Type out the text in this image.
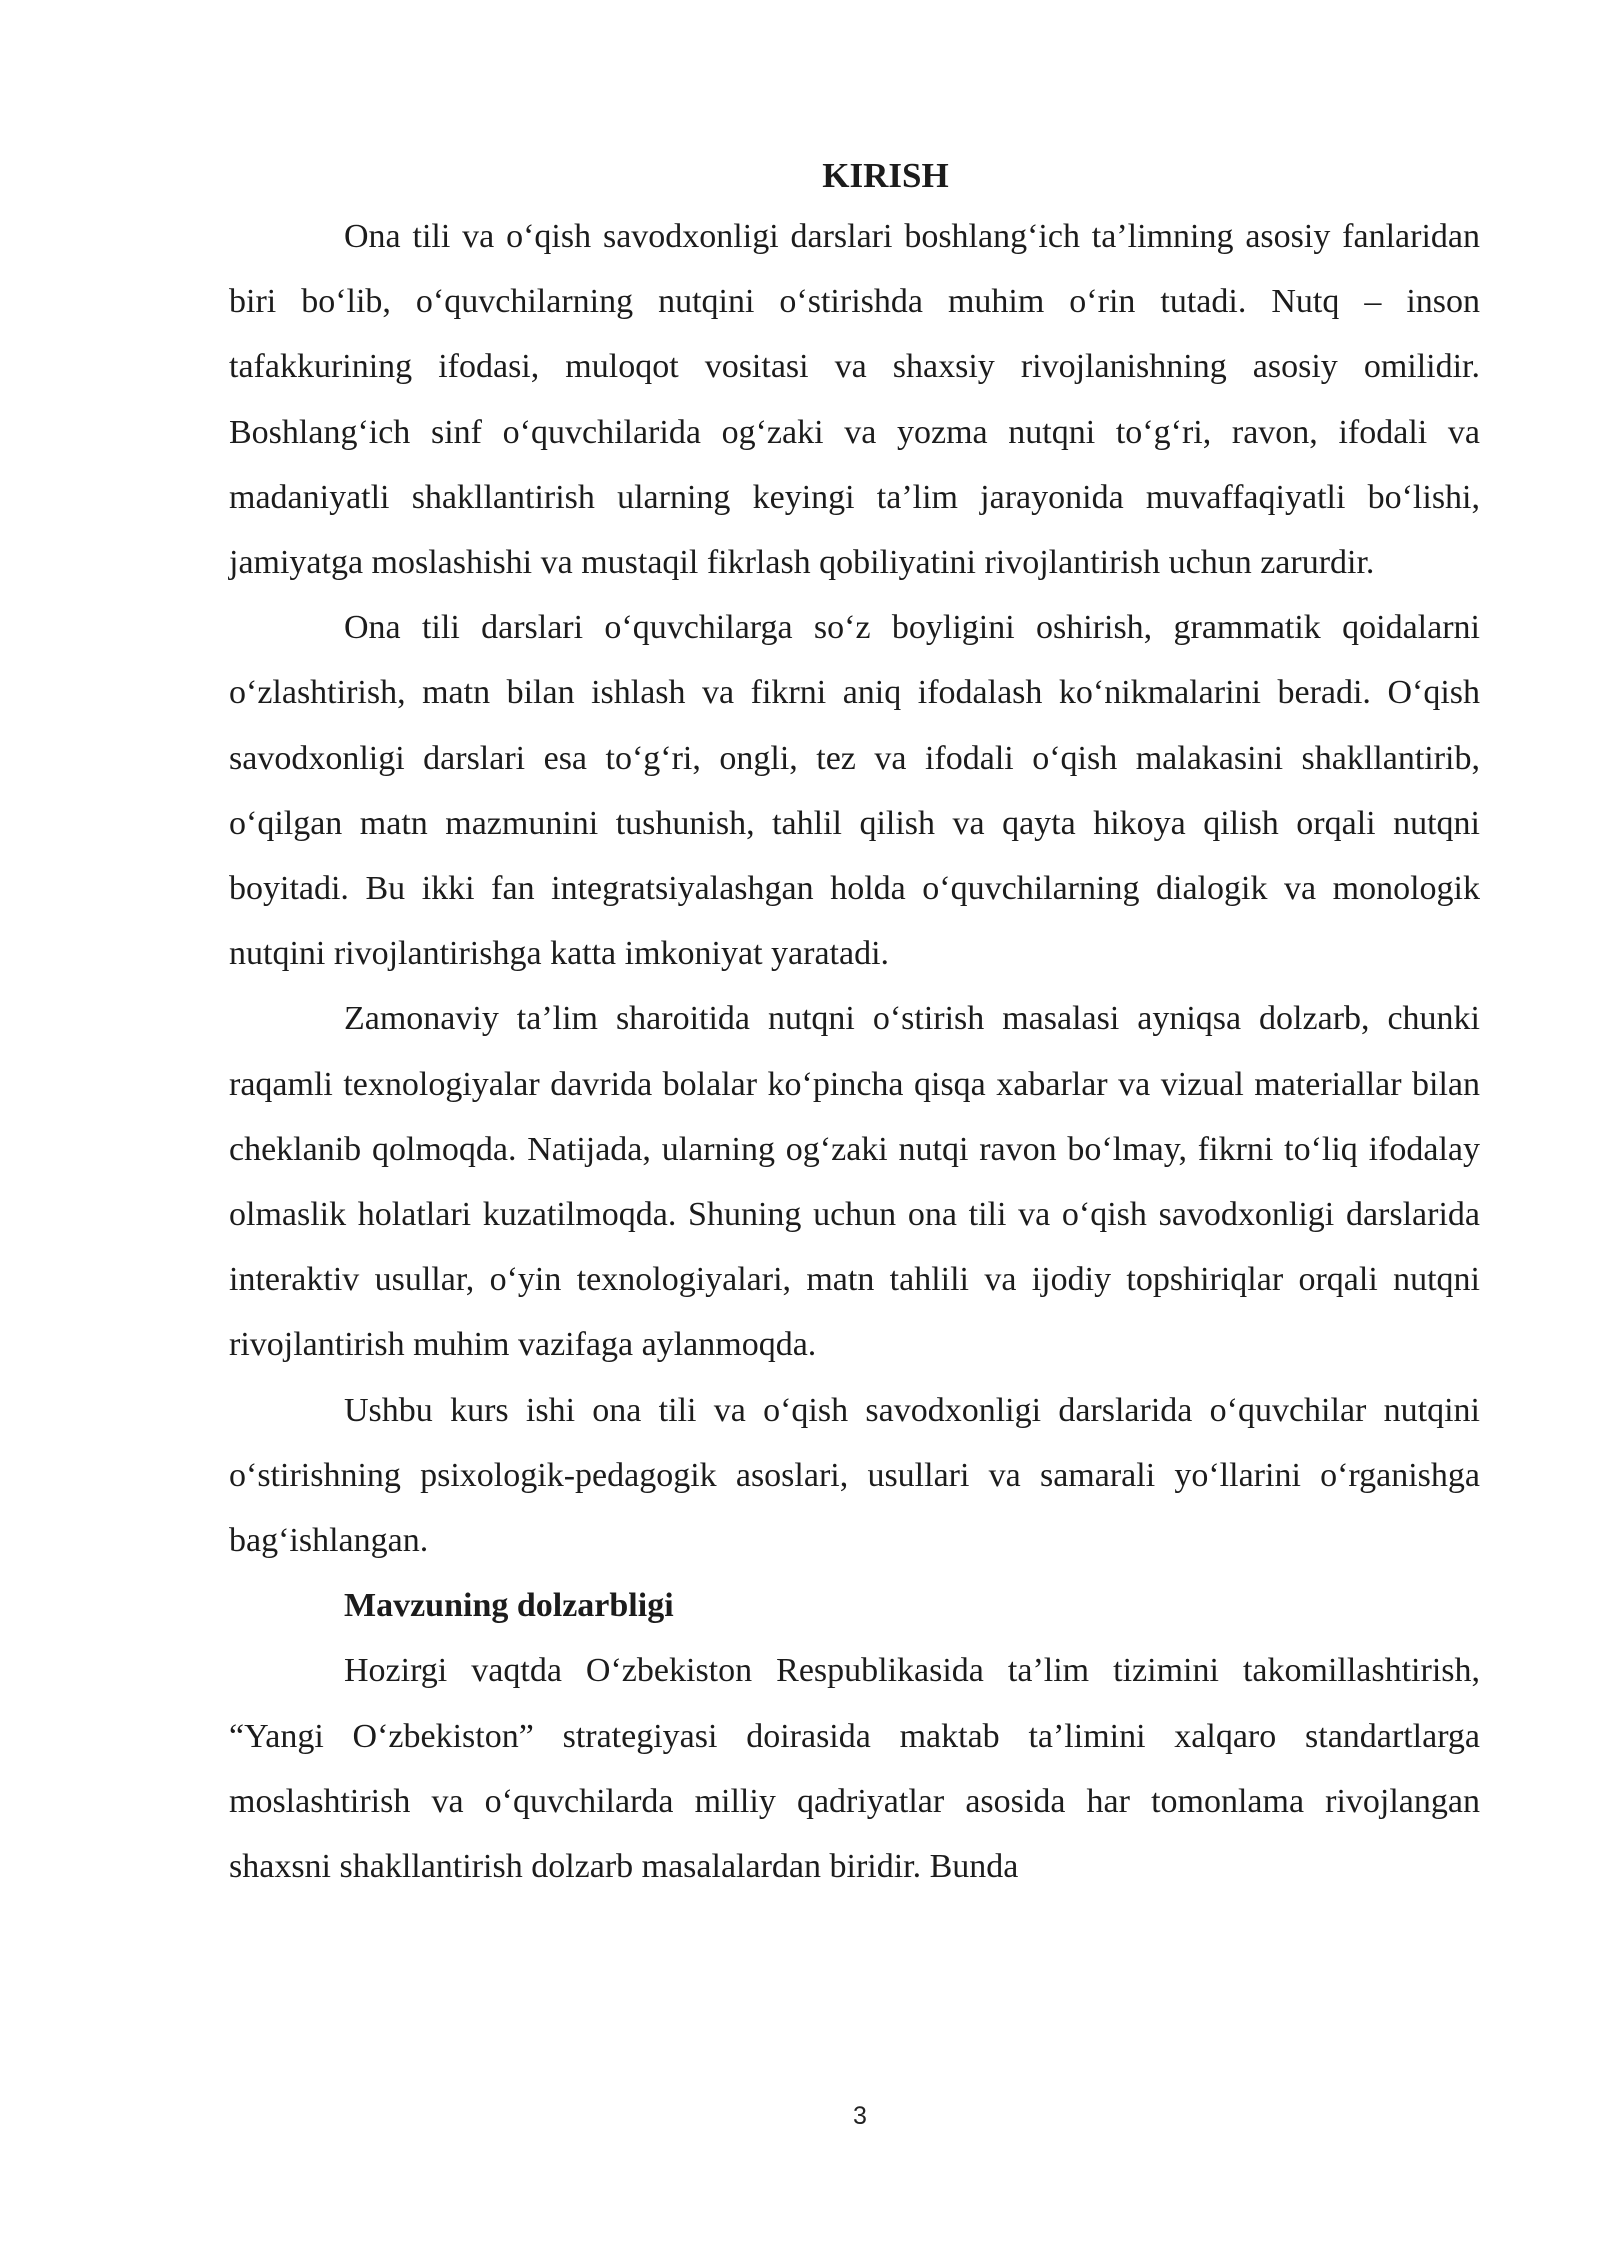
KIRISH

Ona tili va o‘qish savodxonligi darslari boshlang‘ich ta’limning asosiy fanlaridan biri bo‘lib, o‘quvchilarning nutqini o‘stirishda muhim o‘rin tutadi. Nutq – inson tafakkurining ifodasi, muloqot vositasi va shaxsiy rivojlanishning asosiy omilidir. Boshlang‘ich sinf o‘quvchilarida og‘zaki va yozma nutqni to‘g‘ri, ravon, ifodali va madaniyatli shakllantirish ularning keyingi ta’lim jarayonida muvaffaqiyatli bo‘lishi, jamiyatga moslashishi va mustaqil fikrlash qobiliyatini rivojlantirish uchun zarurdir.

Ona tili darslari o‘quvchilarga so‘z boyligini oshirish, grammatik qoidalarni o‘zlashtirish, matn bilan ishlash va fikrni aniq ifodalash ko‘nikmalarini beradi. O‘qish savodxonligi darslari esa to‘g‘ri, ongli, tez va ifodali o‘qish malakasini shakllantirib, o‘qilgan matn mazmunini tushunish, tahlil qilish va qayta hikoya qilish orqali nutqni boyitadi. Bu ikki fan integratsiyalashgan holda o‘quvchilarning dialogik va monologik nutqini rivojlantirishga katta imkoniyat yaratadi.

Zamonaviy ta’lim sharoitida nutqni o‘stirish masalasi ayniqsa dolzarb, chunki raqamli texnologiyalar davrida bolalar ko‘pincha qisqa xabarlar va vizual materiallar bilan cheklanib qolmoqda. Natijada, ularning og‘zaki nutqi ravon bo‘lmay, fikrni to‘liq ifodalay olmaslik holatlari kuzatilmoqda. Shuning uchun ona tili va o‘qish savodxonligi darslarida interaktiv usullar, o‘yin texnologiyalari, matn tahlili va ijodiy topshiriqlar orqali nutqni rivojlantirish muhim vazifaga aylanmoqda.

Ushbu kurs ishi ona tili va o‘qish savodxonligi darslarida o‘quvchilar nutqini o‘stirishning psixologik-pedagogik asoslari, usullari va samarali yo‘llarini o‘rganishga bag‘ishlangan.

Mavzuning dolzarbligi

Hozirgi vaqtda O‘zbekiston Respublikasida ta’lim tizimini takomillashtirish, “Yangi O‘zbekiston” strategiyasi doirasida maktab ta’limini xalqaro standartlarga moslashtirish va o‘quvchilarda milliy qadriyatlar asosida har tomonlama rivojlangan shaxsni shakllantirish dolzarb masalalardan biridir. Bunda

3
